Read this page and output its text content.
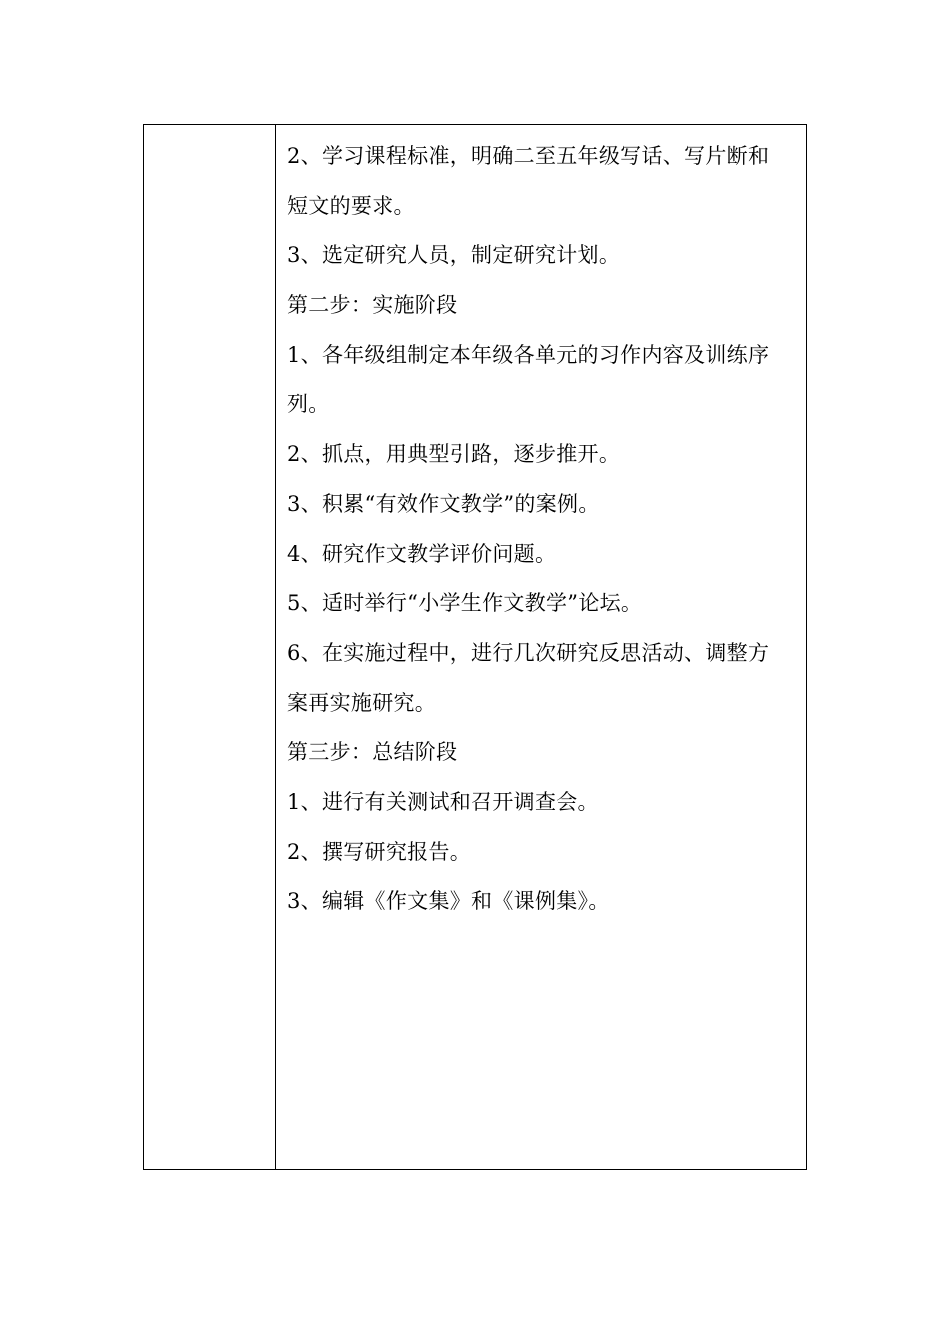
2、学习课程标准，明确二至五年级写话、写片断和
短文的要求。
3、选定研究人员，制定研究计划。
第二步：实施阶段
1、各年级组制定本年级各单元的习作内容及训练序
列。
2、抓点，用典型引路，逐步推开。
3、积累“有效作文教学”的案例。
4、研究作文教学评价问题。
5、适时举行“小学生作文教学”论坛。
6、在实施过程中，进行几次研究反思活动、调整方
案再实施研究。
第三步：总结阶段
1、进行有关测试和召开调查会。
2、撰写研究报告。
3、编辑《作文集》和《课例集》。
